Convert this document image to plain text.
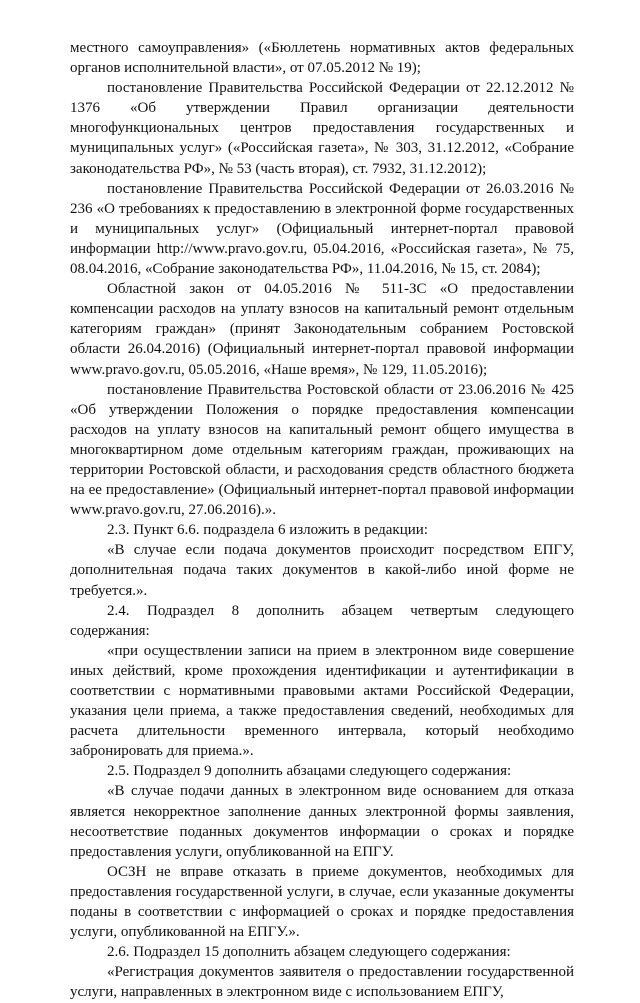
местного самоуправления» («Бюллетень нормативных актов федеральных органов исполнительной власти», от 07.05.2012 № 19);

постановление Правительства Российской Федерации от 22.12.2012 № 1376 «Об утверждении Правил организации деятельности многофункциональных центров предоставления государственных и муниципальных услуг» («Российская газета», № 303, 31.12.2012, «Собрание законодательства РФ», № 53 (часть вторая), ст. 7932, 31.12.2012);

постановление Правительства Российской Федерации от 26.03.2016 № 236 «О требованиях к предоставлению в электронной форме государственных и муниципальных услуг» (Официальный интернет-портал правовой информации http://www.pravo.gov.ru, 05.04.2016, «Российская газета», № 75, 08.04.2016, «Собрание законодательства РФ», 11.04.2016, № 15, ст. 2084);

Областной закон от 04.05.2016 № 511-ЗС «О предоставлении компенсации расходов на уплату взносов на капитальный ремонт отдельным категориям граждан» (принят Законодательным собранием Ростовской области 26.04.2016) (Официальный интернет-портал правовой информации www.pravo.gov.ru, 05.05.2016, «Наше время», № 129, 11.05.2016);

постановление Правительства Ростовской области от 23.06.2016 № 425 «Об утверждении Положения о порядке предоставления компенсации расходов на уплату взносов на капитальный ремонт общего имущества в многоквартирном доме отдельным категориям граждан, проживающих на территории Ростовской области, и расходования средств областного бюджета на ее предоставление» (Официальный интернет-портал правовой информации www.pravo.gov.ru, 27.06.2016).».

2.3. Пункт 6.6. подраздела 6 изложить в редакции:

«В случае если подача документов происходит посредством ЕПГУ, дополнительная подача таких документов в какой-либо иной форме не требуется.».

2.4. Подраздел 8 дополнить абзацем четвертым следующего содержания:

«при осуществлении записи на прием в электронном виде совершение иных действий, кроме прохождения идентификации и аутентификации в соответствии с нормативными правовыми актами Российской Федерации, указания цели приема, а также предоставления сведений, необходимых для расчета длительности временного интервала, который необходимо забронировать для приема.».

2.5. Подраздел 9 дополнить абзацами следующего содержания:

«В случае подачи данных в электронном виде основанием для отказа является некорректное заполнение данных электронной формы заявления, несоответствие поданных документов информации о сроках и порядке предоставления услуги, опубликованной на ЕПГУ.

ОСЗН не вправе отказать в приеме документов, необходимых для предоставления государственной услуги, в случае, если указанные документы поданы в соответствии с информацией о сроках и порядке предоставления услуги, опубликованной на ЕПГУ.».

2.6. Подраздел 15 дополнить абзацем следующего содержания:

«Регистрация документов заявителя о предоставлении государственной услуги, направленных в электронном виде с использованием ЕПГУ,
